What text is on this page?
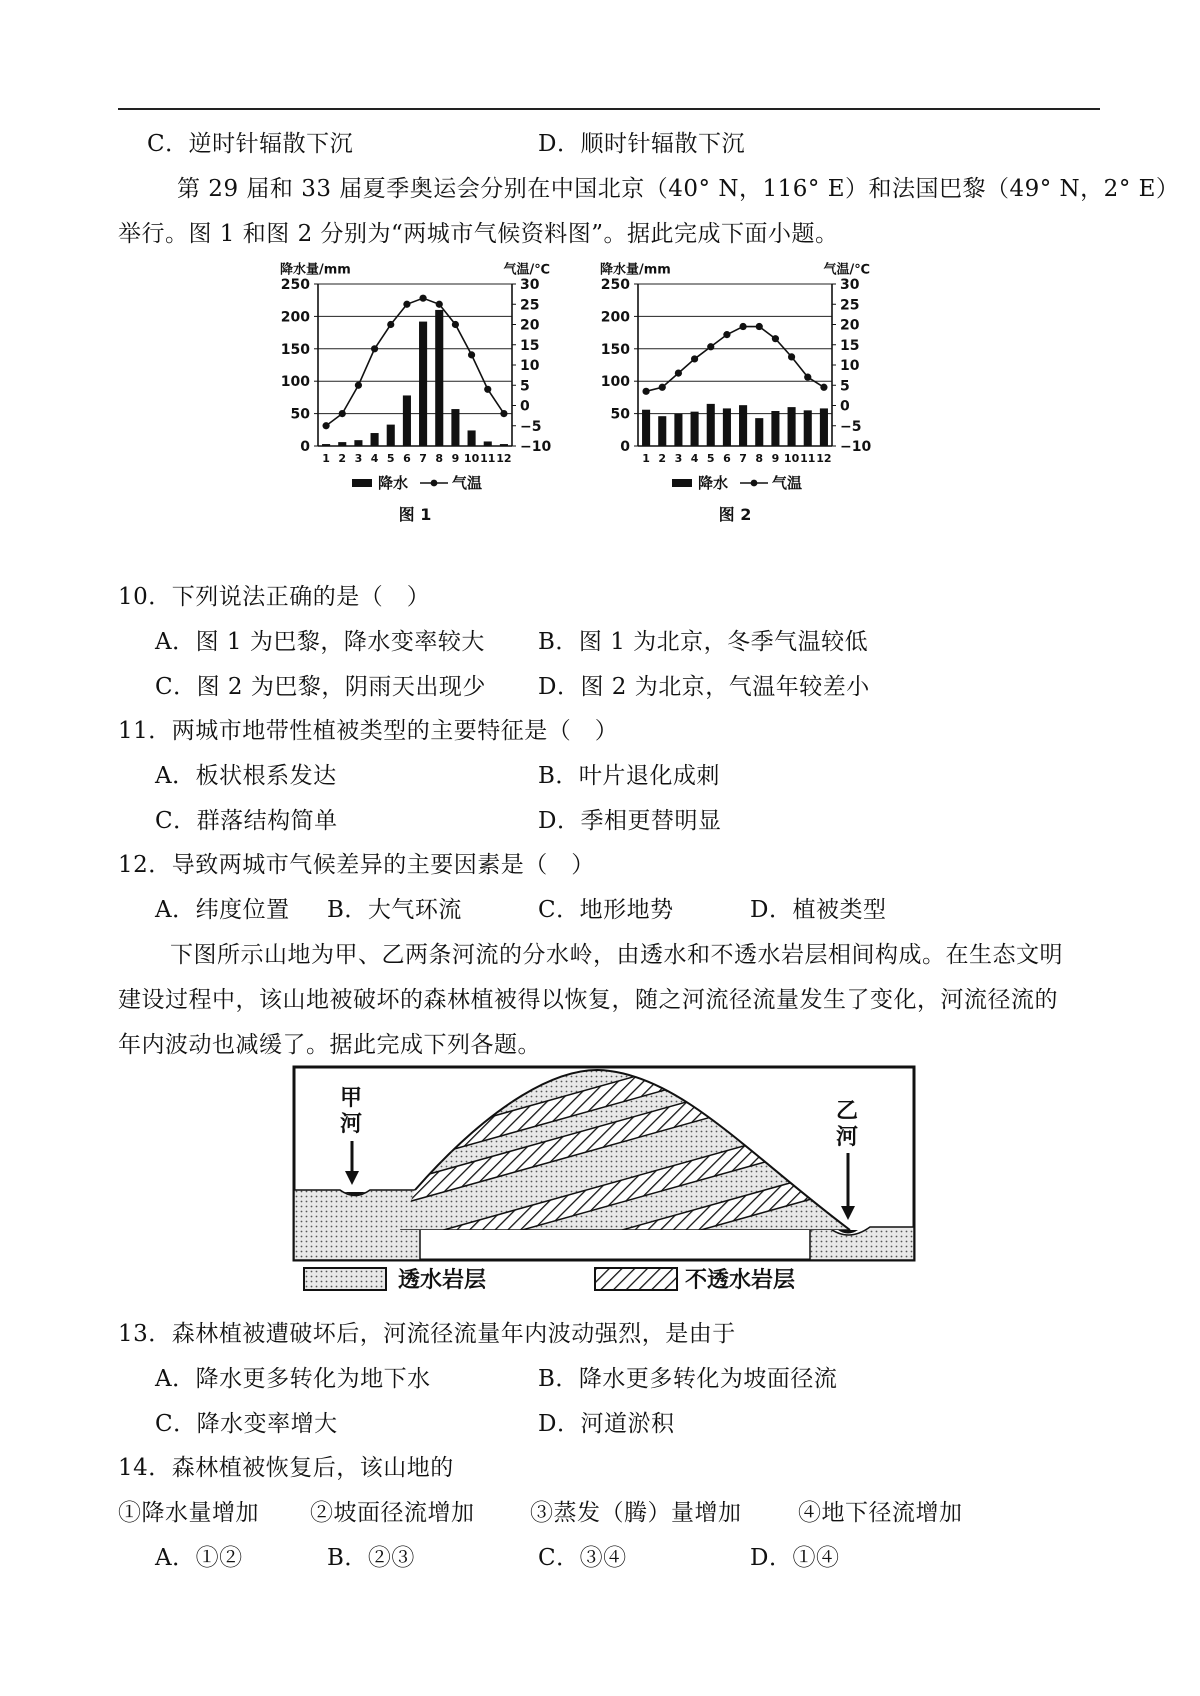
C．逆时针辐散下沉	D．顺时针辐散下沉
第 29 届和 33 届夏季奥运会分别在中国北京（40° N，116° E）和法国巴黎（49° N，2° E）
举行。图 1 和图 2 分别为“两城市气候资料图”。据此完成下面小题。
降水量/mm	气温/℃
250
200
150
100
50
0
30
25
20
15
10
5
0
−5
−10
1 2 3 4 5 6 7 8 9 10 11 12
降水	气温
图 1
降水量/mm	气温/℃
250
200
150
100
50
0
30
25
20
15
10
5
0
−5
−10
1 2 3 4 5 6 7 8 9 10 11 12
降水	气温
图 2
10．下列说法正确的是（　）
A．图 1 为巴黎，降水变率较大 B．图 1 为北京，冬季气温较低
C．图 2 为巴黎，阴雨天出现少 D．图 2 为北京，气温年较差小
11．两城市地带性植被类型的主要特征是（　）
A．板状根系发达	B．叶片退化成刺
C．群落结构简单	D．季相更替明显
12．导致两城市气候差异的主要因素是（　）
A．纬度位置 B．大气环流	C．地形地势	D．植被类型
下图所示山地为甲、乙两条河流的分水岭，由透水和不透水岩层相间构成。在生态文明
建设过程中，该山地被破坏的森林植被得以恢复，随之河流径流量发生了变化，河流径流的
年内波动也减缓了。据此完成下列各题。
甲
河
乙
河
透水岩层	不透水岩层
13．森林植被遭破坏后，河流径流量年内波动强烈，是由于
A．降水更多转化为地下水	B．降水更多转化为坡面径流
C．降水变率增大	D．河道淤积
14．森林植被恢复后，该山地的
①降水量增加 ②坡面径流增加 ③蒸发（腾）量增加 ④地下径流增加
A．①②	B．②③	C．③④	D．①④
